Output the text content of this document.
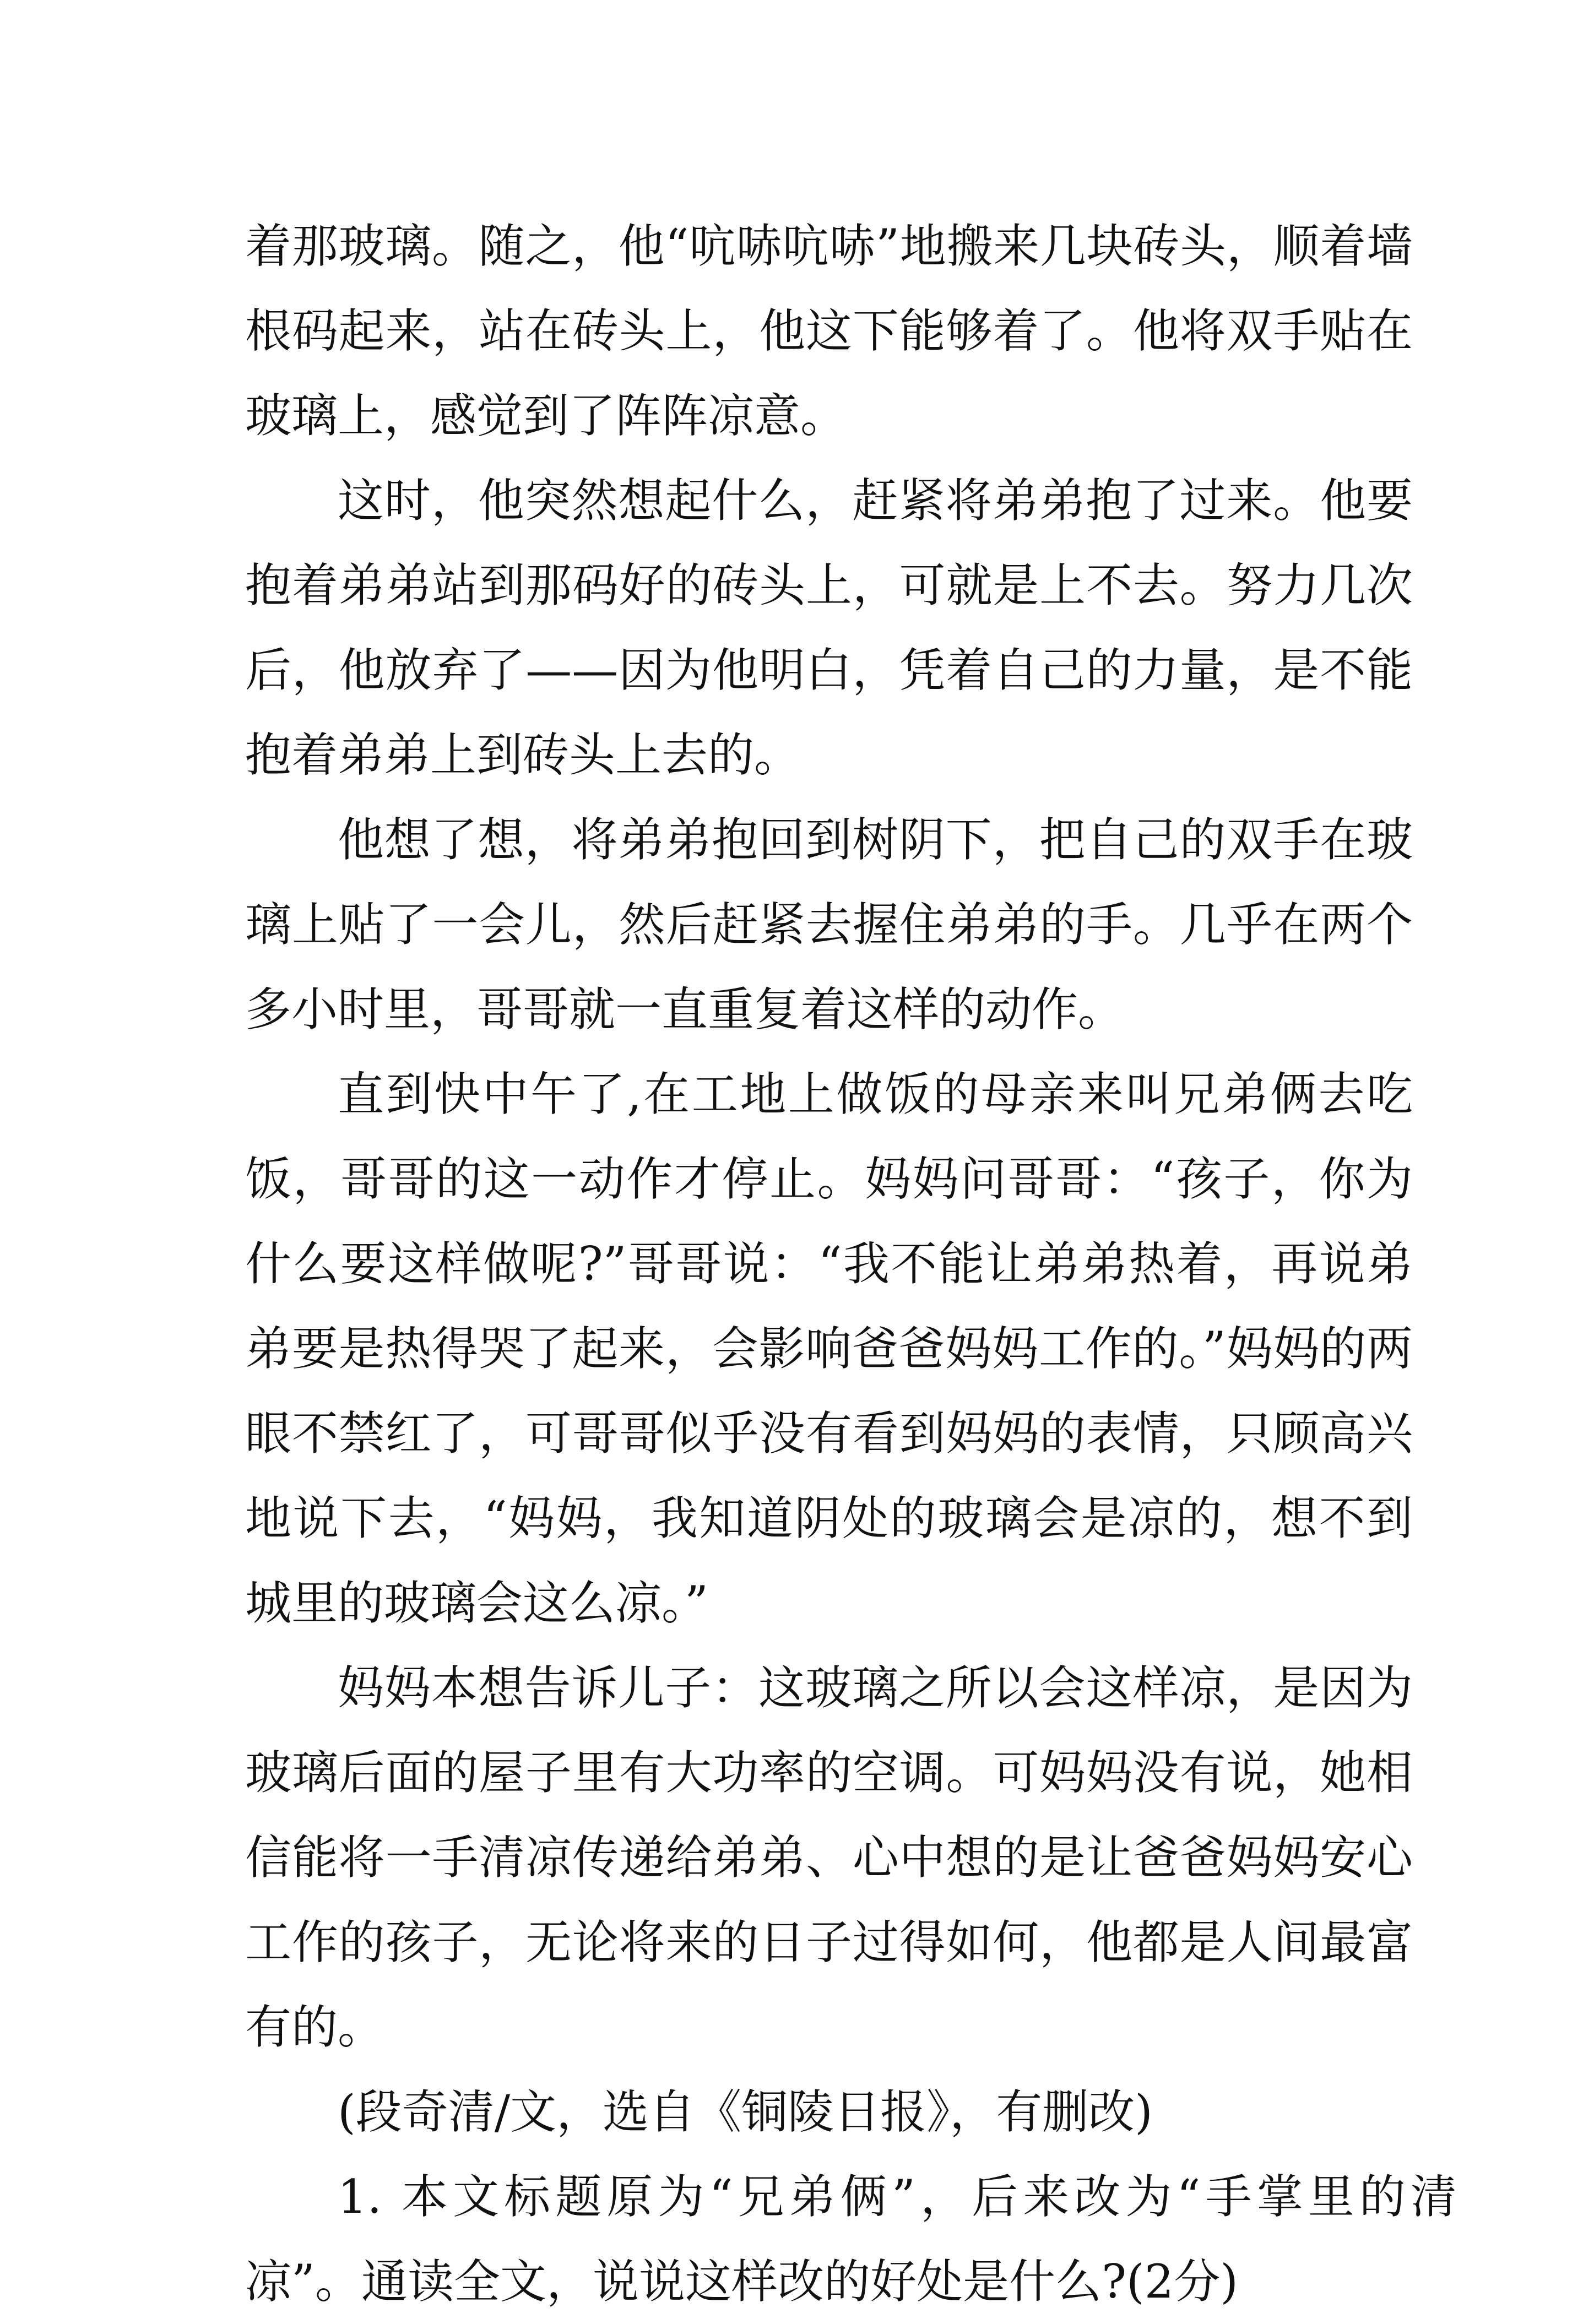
着那玻璃。随之，他“吭哧吭哧”地搬来几块砖头，顺着墙根码起来，站在砖头上，他这下能够着了。他将双手贴在玻璃上，感觉到了阵阵凉意。

这时，他突然想起什么，赶紧将弟弟抱了过来。他要抱着弟弟站到那码好的砖头上，可就是上不去。努力几次后，他放弃了——因为他明白，凭着自己的力量，是不能抱着弟弟上到砖头上去的。

他想了想，将弟弟抱回到树阴下，把自己的双手在玻璃上贴了一会儿，然后赶紧去握住弟弟的手。几乎在两个多小时里，哥哥就一直重复着这样的动作。

直到快中午了,在工地上做饭的母亲来叫兄弟俩去吃饭，哥哥的这一动作才停止。妈妈问哥哥：“孩子，你为什么要这样做呢?”哥哥说：“我不能让弟弟热着，再说弟弟要是热得哭了起来，会影响爸爸妈妈工作的。”妈妈的两眼不禁红了，可哥哥似乎没有看到妈妈的表情，只顾高兴地说下去，“妈妈，我知道阴处的玻璃会是凉的，想不到城里的玻璃会这么凉。”

妈妈本想告诉儿子：这玻璃之所以会这样凉，是因为玻璃后面的屋子里有大功率的空调。可妈妈没有说，她相信能将一手清凉传递给弟弟、心中想的是让爸爸妈妈安心工作的孩子，无论将来的日子过得如何，他都是人间最富有的。

(段奇清/文，选自《铜陵日报》，有删改)

1. 本文标题原为“兄弟俩”，后来改为“手掌里的清凉”。通读全文，说说这样改的好处是什么?(2分)
